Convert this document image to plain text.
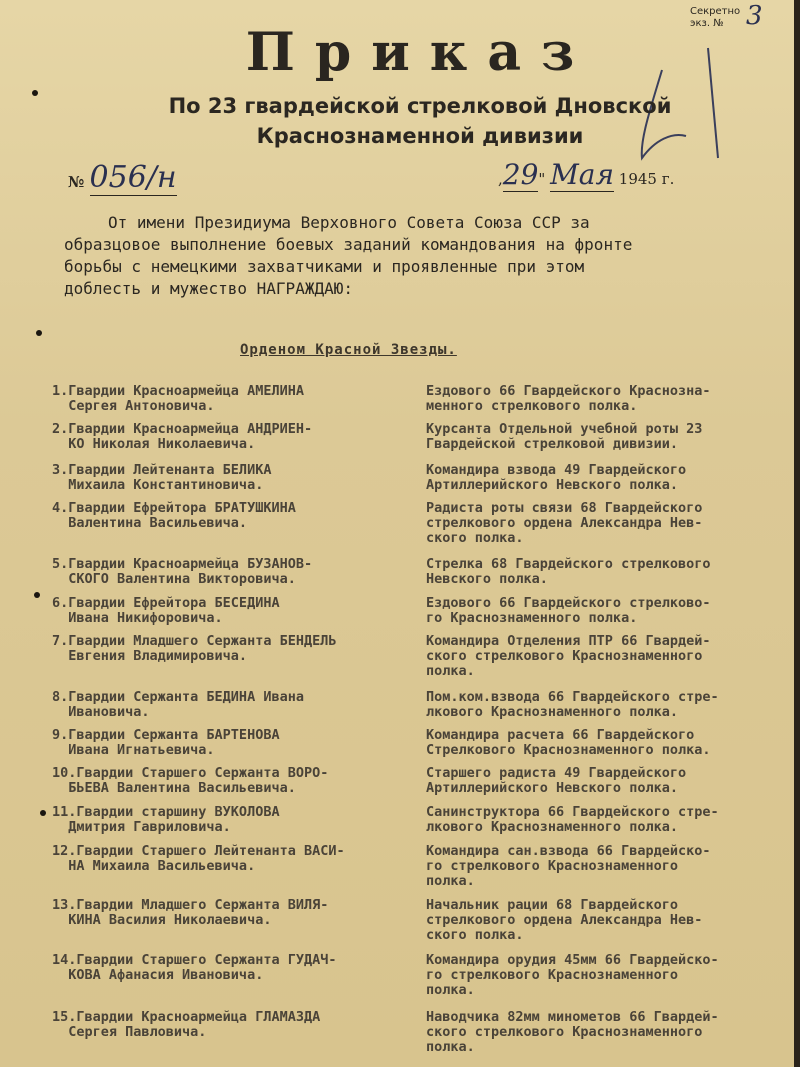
Секретно
экз. № 3
Приказ
По 23 гвардейской стрелковой Дновской
Краснознаменной дивизии
№ 056/н	,29" Мая 1945 г.
От имени Президиума Верховного Совета Союза ССР за
образцовое выполнение боевых заданий командования на фронте
борьбы с немецкими захватчиками и проявленные при этом
доблесть и мужество НАГРАЖДАЮ:
Орденом Красной Звезды.
1.Гвардии Красноармейца АМЕЛИНА
Сергея Антоновича.
Ездового 66 Гвардейского Краснозна-
менного стрелкового полка.
2.Гвардии Красноармейца АНДРИЕН-
КО Николая Николаевича.
Курсанта Отдельной учебной роты 23
Гвардейской стрелковой дивизии.
3.Гвардии Лейтенанта БЕЛИКА
Михаила Константиновича.
Командира взвода 49 Гвардейского
Артиллерийского Невского полка.
4.Гвардии Ефрейтора БРАТУШКИНА
Валентина Васильевича.
Радиста роты связи 68 Гвардейского
стрелкового ордена Александра Нев-
ского полка.
5.Гвардии Красноармейца БУЗАНОВ-
СКОГО Валентина Викторовича.
Стрелка 68 Гвардейского стрелкового
Невского полка.
6.Гвардии Ефрейтора БЕСЕДИНА
Ивана Никифоровича.
Ездового 66 Гвардейского стрелково-
го Краснознаменного полка.
7.Гвардии Младшего Сержанта БЕНДЕЛЬ
Евгения Владимировича.
Командира Отделения ПТР 66 Гвардей-
ского стрелкового Краснознаменного
полка.
8.Гвардии Сержанта БЕДИНА Ивана
Ивановича.
Пом.ком.взвода 66 Гвардейского стре-
лкового Краснознаменного полка.
9.Гвардии Сержанта БАРТЕНОВА
Ивана Игнатьевича.
Командира расчета 66 Гвардейского
Стрелкового Краснознаменного полка.
10.Гвардии Старшего Сержанта ВОРО-
БЬЕВА Валентина Васильевича.
Старшего радиста 49 Гвардейского
Артиллерийского Невского полка.
11.Гвардии старшину ВУКОЛОВА
Дмитрия Гавриловича.
Санинструктора 66 Гвардейского стре-
лкового Краснознаменного полка.
12.Гвардии Старшего Лейтенанта ВАСИ-
НА Михаила Васильевича.
Командира сан.взвода 66 Гвардейско-
го стрелкового Краснознаменного
полка.
13.Гвардии Младшего Сержанта ВИЛЯ-
КИНА Василия Николаевича.
Начальник рации 68 Гвардейского
стрелкового ордена Александра Нев-
ского полка.
14.Гвардии Старшего Сержанта ГУДАЧ-
КОВА Афанасия Ивановича.
Командира орудия 45мм 66 Гвардейско-
го стрелкового Краснознаменного
полка.
15.Гвардии Красноармейца ГЛАМАЗДА
Сергея Павловича.
Наводчика 82мм минометов 66 Гвардей-
ского стрелкового Краснознаменного
полка.
